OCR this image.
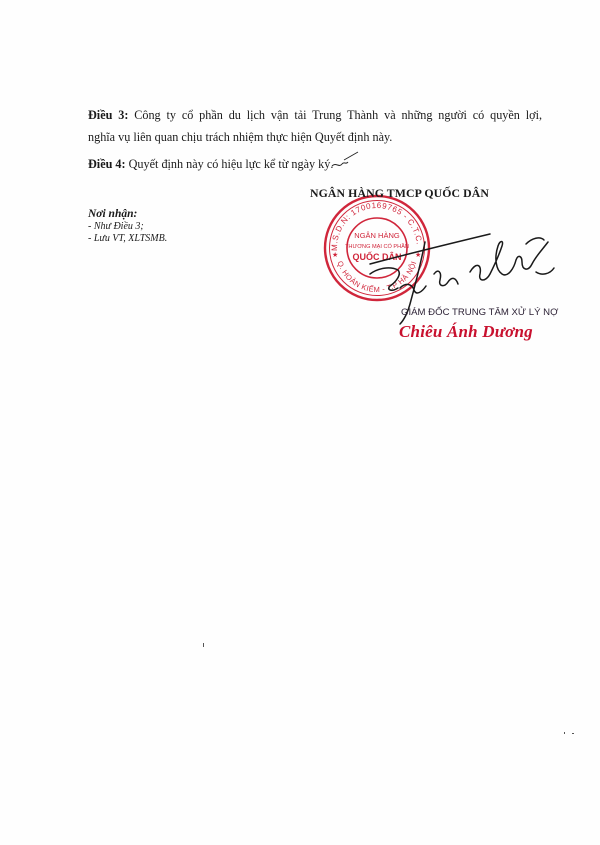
Điều 3: Công ty cổ phần du lịch vận tải Trung Thành và những người có quyền lợi,
nghĩa vụ liên quan chịu trách nhiệm thực hiện Quyết định này.
Điều 4: Quyết định này có hiệu lực kể từ ngày ký.
Nơi nhận:
- Như Điều 3;
- Lưu VT, XLTSMB.
M.S.D.N: 1700169765 - C.T.C.
Q. HOÀN KIẾM - T.P HÀ NỘI
NGÂN HÀNG
THƯƠNG MẠI CỔ PHẦN
QUỐC DÂN
★	★
NGÂN HÀNG TMCP QUỐC DÂN
GIÁM ĐỐC TRUNG TÂM XỬ LÝ NỢ
Chiêu Ánh Dương
